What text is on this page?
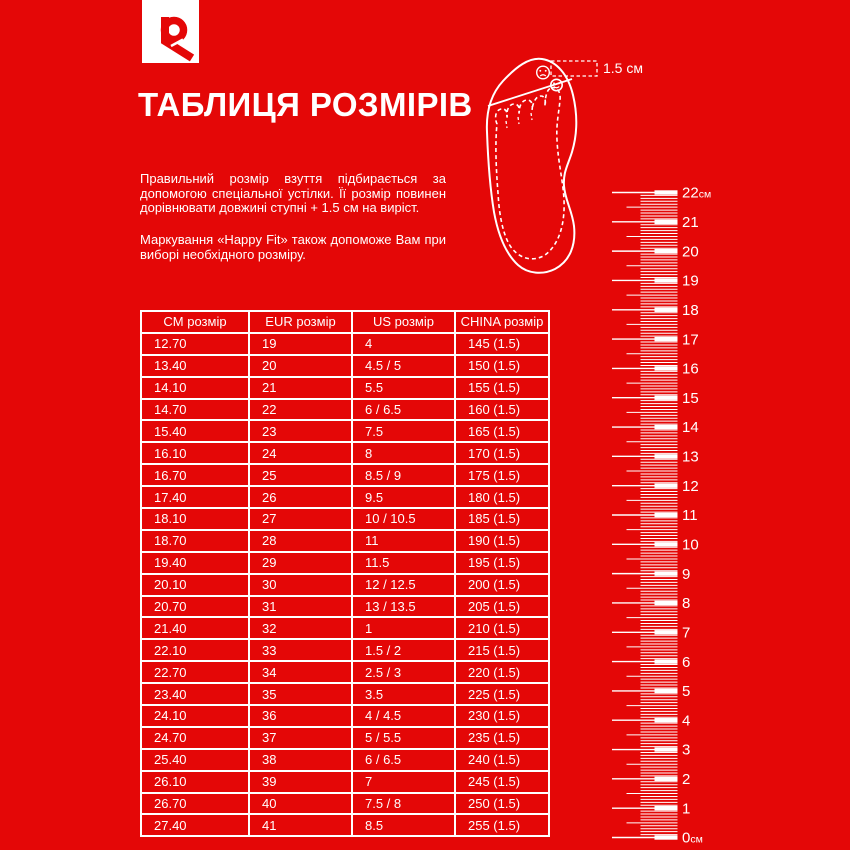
ТАБЛИЦЯ РОЗМІРІВ

Правильний розмір взуття підбирається за допомогою спеціальної устілки. Її розмір повинен дорівнювати довжині ступні + 1.5 см на виріст.

Маркування «Happy Fit» також допоможе Вам при виборі необхідного розміру.

1.5 см
22см
21
20
19
18
17
16
15
14
13
12
11
10
9
8
7
6
5
4
3
2
1
0см
CM розмір	EUR розмір	US розмір	CHINA розмір
12.70	19	4	145 (1.5)
13.40	20	4.5 / 5	150 (1.5)
14.10	21	5.5	155 (1.5)
14.70	22	6 / 6.5	160 (1.5)
15.40	23	7.5	165 (1.5)
16.10	24	8	170 (1.5)
16.70	25	8.5 / 9	175 (1.5)
17.40	26	9.5	180 (1.5)
18.10	27	10 / 10.5	185 (1.5)
18.70	28	11	190 (1.5)
19.40	29	11.5	195 (1.5)
20.10	30	12 / 12.5	200 (1.5)
20.70	31	13 / 13.5	205 (1.5)
21.40	32	1	210 (1.5)
22.10	33	1.5 / 2	215 (1.5)
22.70	34	2.5 / 3	220 (1.5)
23.40	35	3.5	225 (1.5)
24.10	36	4 / 4.5	230 (1.5)
24.70	37	5 / 5.5	235 (1.5)
25.40	38	6 / 6.5	240 (1.5)
26.10	39	7	245 (1.5)
26.70	40	7.5 / 8	250 (1.5)
27.40	41	8.5	255 (1.5)
